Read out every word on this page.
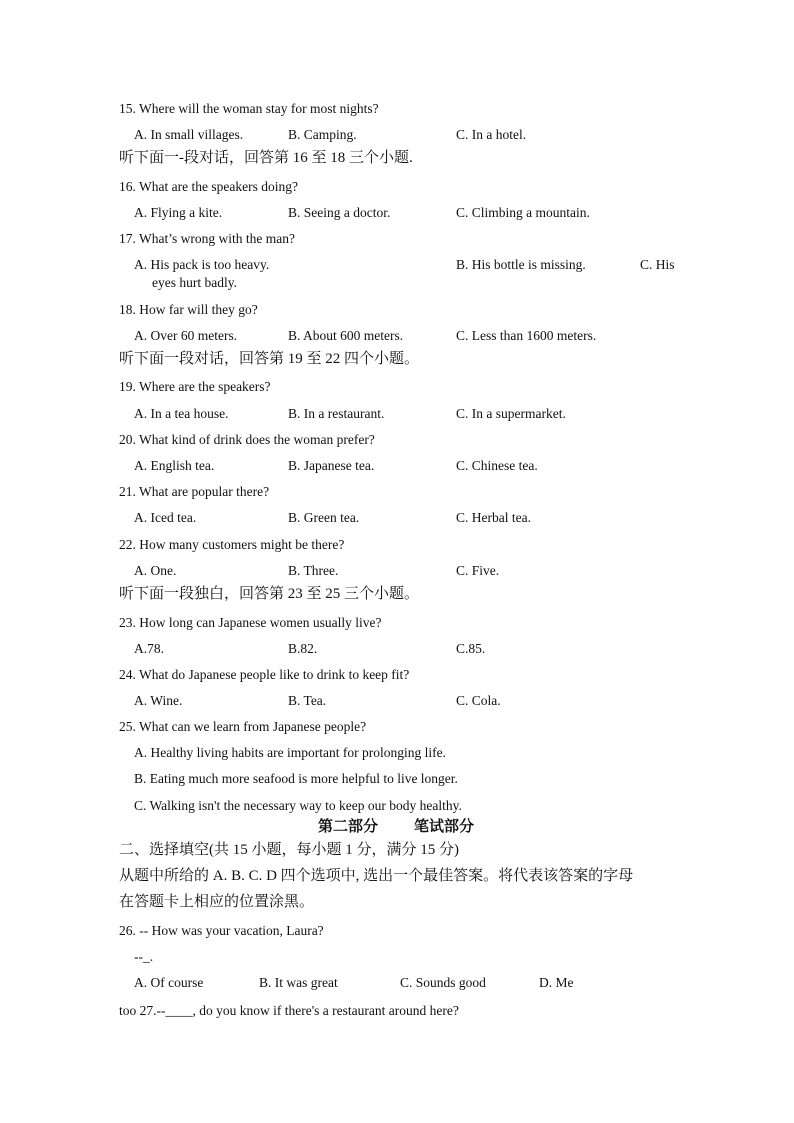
15. Where will the woman stay for most nights?
A. In small villages.	B. Camping.	C. In a hotel.
听下面一-段对话，回答第 16 至 18 三个小题.
16. What are the speakers doing?
A. Flying a kite.	B. Seeing a doctor.	C. Climbing a mountain.
17. What’s wrong with the man?
A. His pack is too heavy.	B. His bottle is missing.	C. His
eyes hurt badly.
18. How far will they go?
A. Over 60 meters.	B. About 600 meters.	C. Less than 1600 meters.
听下面一段对话，回答第 19 至 22 四个小题。
19. Where are the speakers?
A. In a tea house.	B. In a restaurant.	C. In a supermarket.
20. What kind of drink does the woman prefer?
A. English tea.	B. Japanese tea.	C. Chinese tea.
21. What are popular there?
A. Iced tea.	B. Green tea.	C. Herbal tea.
22. How many customers might be there?
A. One.	B. Three.	C. Five.
听下面一段独白，回答第 23 至 25 三个小题。
23. How long can Japanese women usually live?
A.78.	B.82.	C.85.
24. What do Japanese people like to drink to keep fit?
A. Wine.	B. Tea.	C. Cola.
25. What can we learn from Japanese people?
A. Healthy living habits are important for prolonging life.
B. Eating much more seafood is more helpful to live longer.
C. Walking isn't the necessary way to keep our body healthy.
第二部分 笔试部分
二、选择填空(共 15 小题，每小题 1 分，满分 15 分)
从题中所给的 A. B. C. D 四个选项中, 选出一个最佳答案。将代表该答案的字母
在答题卡上相应的位置涂黑。
26. -- How was your vacation, Laura?
--_.
A. Of course	B. It was great	C. Sounds good	D. Me
too 27.--____, do you know if there's a restaurant around here?
